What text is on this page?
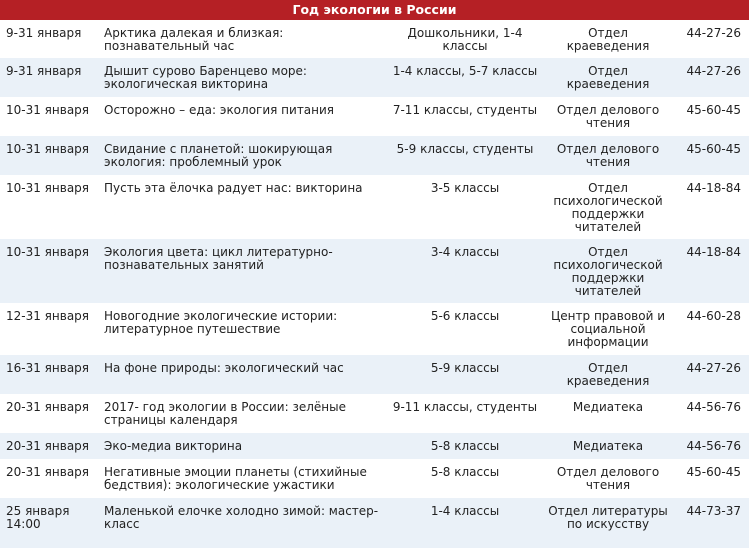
Год экологии в России
9-31 января	Арктика далекая и близкая: познавательный час	Дошкольники, 1-4 классы	Отдел краеведения	44-27-26
9-31 января	Дышит сурово Баренцево море: экологическая викторина	1-4 классы, 5-7 классы	Отдел краеведения	44-27-26
10-31 января	Осторожно – еда: экология питания	7-11 классы, студенты	Отдел делового чтения	45-60-45
10-31 января	Свидание с планетой: шокирующая экология: проблемный урок	5-9 классы, студенты	Отдел делового чтения	45-60-45
10-31 января	Пусть эта ёлочка радует нас: викторина	3-5 классы	Отдел психологической поддержки читателей	44-18-84
10-31 января	Экология цвета: цикл литературно-познавательных занятий	3-4 классы	Отдел психологической поддержки читателей	44-18-84
12-31 января	Новогодние экологические истории: литературное путешествие	5-6 классы	Центр правовой и социальной информации	44-60-28
16-31 января	На фоне природы: экологический час	5-9 классы	Отдел краеведения	44-27-26
20-31 января	2017- год экологии в России: зелёные страницы календаря	9-11 классы, студенты	Медиатека	44-56-76
20-31 января	Эко-медиа викторина	5-8 классы	Медиатека	44-56-76
20-31 января	Негативные эмоции планеты (стихийные бедствия): экологические ужастики	5-8 классы	Отдел делового чтения	45-60-45
25 января 14:00	Маленькой елочке холодно зимой: мастер-класс	1-4 классы	Отдел литературы по искусству	44-73-37
